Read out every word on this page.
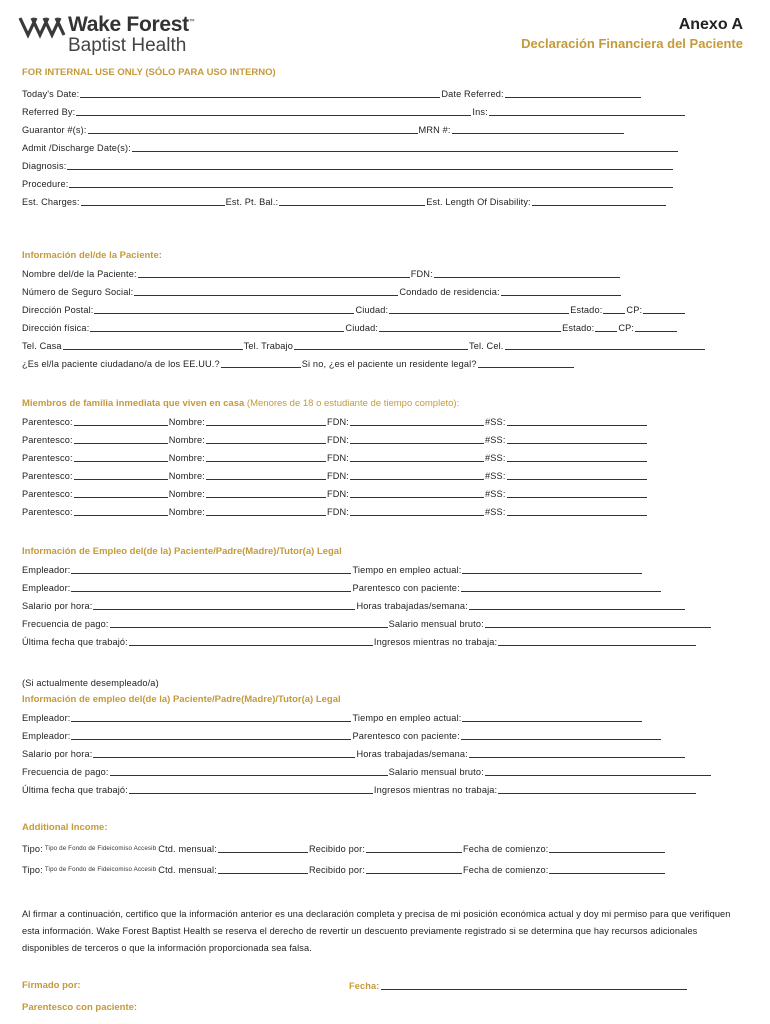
Wake Forest™
Baptist Health
Anexo A
Declaración Financiera del Paciente
FOR INTERNAL USE ONLY (SÓLO PARA USO INTERNO)
Today's Date:	Date Referred:
Referred By:	Ins:
Guarantor #(s):	MRN #:
Admit /Discharge Date(s):
Diagnosis:
Procedure:
Est. Charges:	Est. Pt. Bal.:	Est. Length Of Disability:
Información del/de la Paciente:
Nombre del/de la Paciente:	FDN:
Número de Seguro Social:	Condado de residencia:
Dirección Postal:	Ciudad:	Estado:	CP:
Dirección física:	Ciudad:	Estado:	CP:
Tel. Casa	Tel. Trabajo	Tel. Cel.
¿Es el/la paciente ciudadano/a de los EE.UU.?	Si no, ¿es el paciente un residente legal?
Miembros de familia inmediata que viven en casa (Menores de 18 o estudiante de tiempo completo):
Parentesco:	Nombre:	FDN:	#SS:
Parentesco:	Nombre:	FDN:	#SS:
Parentesco:	Nombre:	FDN:	#SS:
Parentesco:	Nombre:	FDN:	#SS:
Parentesco:	Nombre:	FDN:	#SS:
Parentesco:	Nombre:	FDN:	#SS:
Información de Empleo del(de la) Paciente/Padre(Madre)/Tutor(a) Legal
Empleador:	Tiempo en empleo actual:
Empleador:	Parentesco con paciente:
Salario por hora:	Horas trabajadas/semana:
Frecuencia de pago:	Salario mensual bruto:
Última fecha que trabajó:	Ingresos mientras no trabaja:
(Si actualmente desempleado/a)
Información de empleo del(de la) Paciente/Padre(Madre)/Tutor(a) Legal
Empleador:	Tiempo en empleo actual:
Empleador:	Parentesco con paciente:
Salario por hora:	Horas trabajadas/semana:
Frecuencia de pago:	Salario mensual bruto:
Última fecha que trabajó:	Ingresos mientras no trabaja:
Additional Income:
Tipo: Tipo de Fondo de Fideicomiso Accesib Ctd. mensual:	Recibido por:	Fecha de comienzo:
Tipo: Tipo de Fondo de Fideicomiso Accesib Ctd. mensual:	Recibido por:	Fecha de comienzo:
Al firmar a continuación, certifico que la información anterior es una declaración completa y precisa de mi posición económica actual y doy mi permiso para que verifiquen esta información. Wake Forest Baptist Health se reserva el derecho de revertir un descuento previamente registrado si se determina que hay recursos adicionales disponibles de terceros o que la información proporcionada sea falsa.
Firmado por:	Fecha:
Parentesco con paciente:
